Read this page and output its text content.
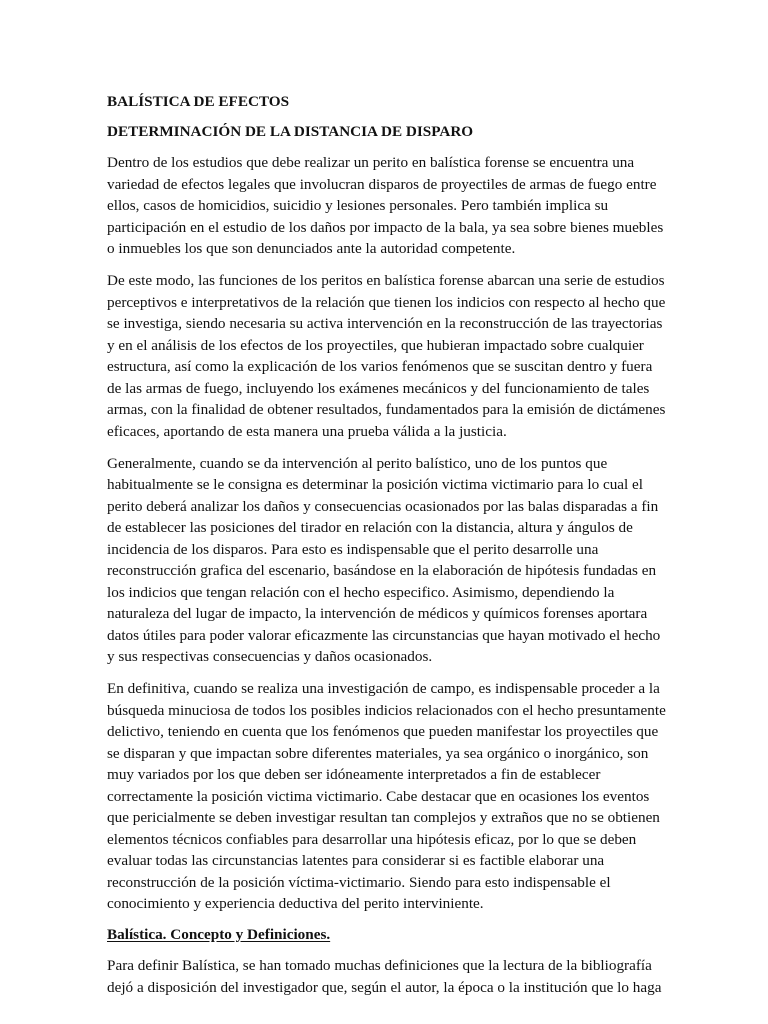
BALÍSTICA DE EFECTOS
DETERMINACIÓN DE LA DISTANCIA DE DISPARO
Dentro de los estudios que debe realizar un perito en balística forense se encuentra una
variedad de efectos legales que involucran disparos de proyectiles de armas de fuego entre
ellos, casos de homicidios, suicidio y lesiones personales. Pero también implica su
participación en el estudio de los daños por impacto de la bala, ya sea sobre bienes muebles
o inmuebles los que son denunciados ante la autoridad competente.
De este modo, las funciones de los peritos en balística forense abarcan una serie de estudios
perceptivos e interpretativos de la relación que tienen los indicios con respecto al hecho que
se investiga, siendo necesaria su activa intervención en la reconstrucción de las trayectorias
y en el análisis de los efectos de los proyectiles, que hubieran impactado sobre cualquier
estructura, así como la explicación de los varios fenómenos que se suscitan dentro y fuera
de las armas de fuego, incluyendo los exámenes mecánicos y del funcionamiento de tales
armas, con la finalidad de obtener resultados, fundamentados para la emisión de dictámenes
eficaces, aportando de esta manera una prueba válida a la justicia.
Generalmente, cuando se da intervención al perito balístico, uno de los puntos que
habitualmente se le consigna es determinar la posición victima victimario para lo cual el
perito deberá analizar los daños y consecuencias ocasionados por las balas disparadas a fin
de establecer las posiciones del tirador en relación con la distancia, altura y ángulos de
incidencia de los disparos. Para esto es indispensable que el perito desarrolle una
reconstrucción grafica del escenario, basándose en la elaboración de hipótesis fundadas en
los indicios que tengan relación con el hecho especifico. Asimismo, dependiendo la
naturaleza del lugar de impacto, la intervención de médicos y químicos forenses aportara
datos útiles para poder valorar eficazmente las circunstancias que hayan motivado el hecho
y sus respectivas consecuencias y daños ocasionados.
En definitiva, cuando se realiza una investigación de campo, es indispensable proceder a la
búsqueda minuciosa de todos los posibles indicios relacionados con el hecho presuntamente
delictivo, teniendo en cuenta que los fenómenos que pueden manifestar los proyectiles que
se disparan y que impactan sobre diferentes materiales, ya sea orgánico o inorgánico, son
muy variados por los que deben ser idóneamente interpretados a fin de establecer
correctamente la posición victima victimario. Cabe destacar que en ocasiones los eventos
que pericialmente se deben investigar resultan tan complejos y extraños que no se obtienen
elementos técnicos confiables para desarrollar una hipótesis eficaz, por lo que se deben
evaluar todas las circunstancias latentes para considerar si es factible elaborar una
reconstrucción de la posición víctima-victimario. Siendo para esto indispensable el
conocimiento y experiencia deductiva del perito interviniente.
Balística. Concepto y Definiciones.
Para definir Balística, se han tomado muchas definiciones que la lectura de la bibliografía
dejó a disposición del investigador que, según el autor, la época o la institución que lo haga
